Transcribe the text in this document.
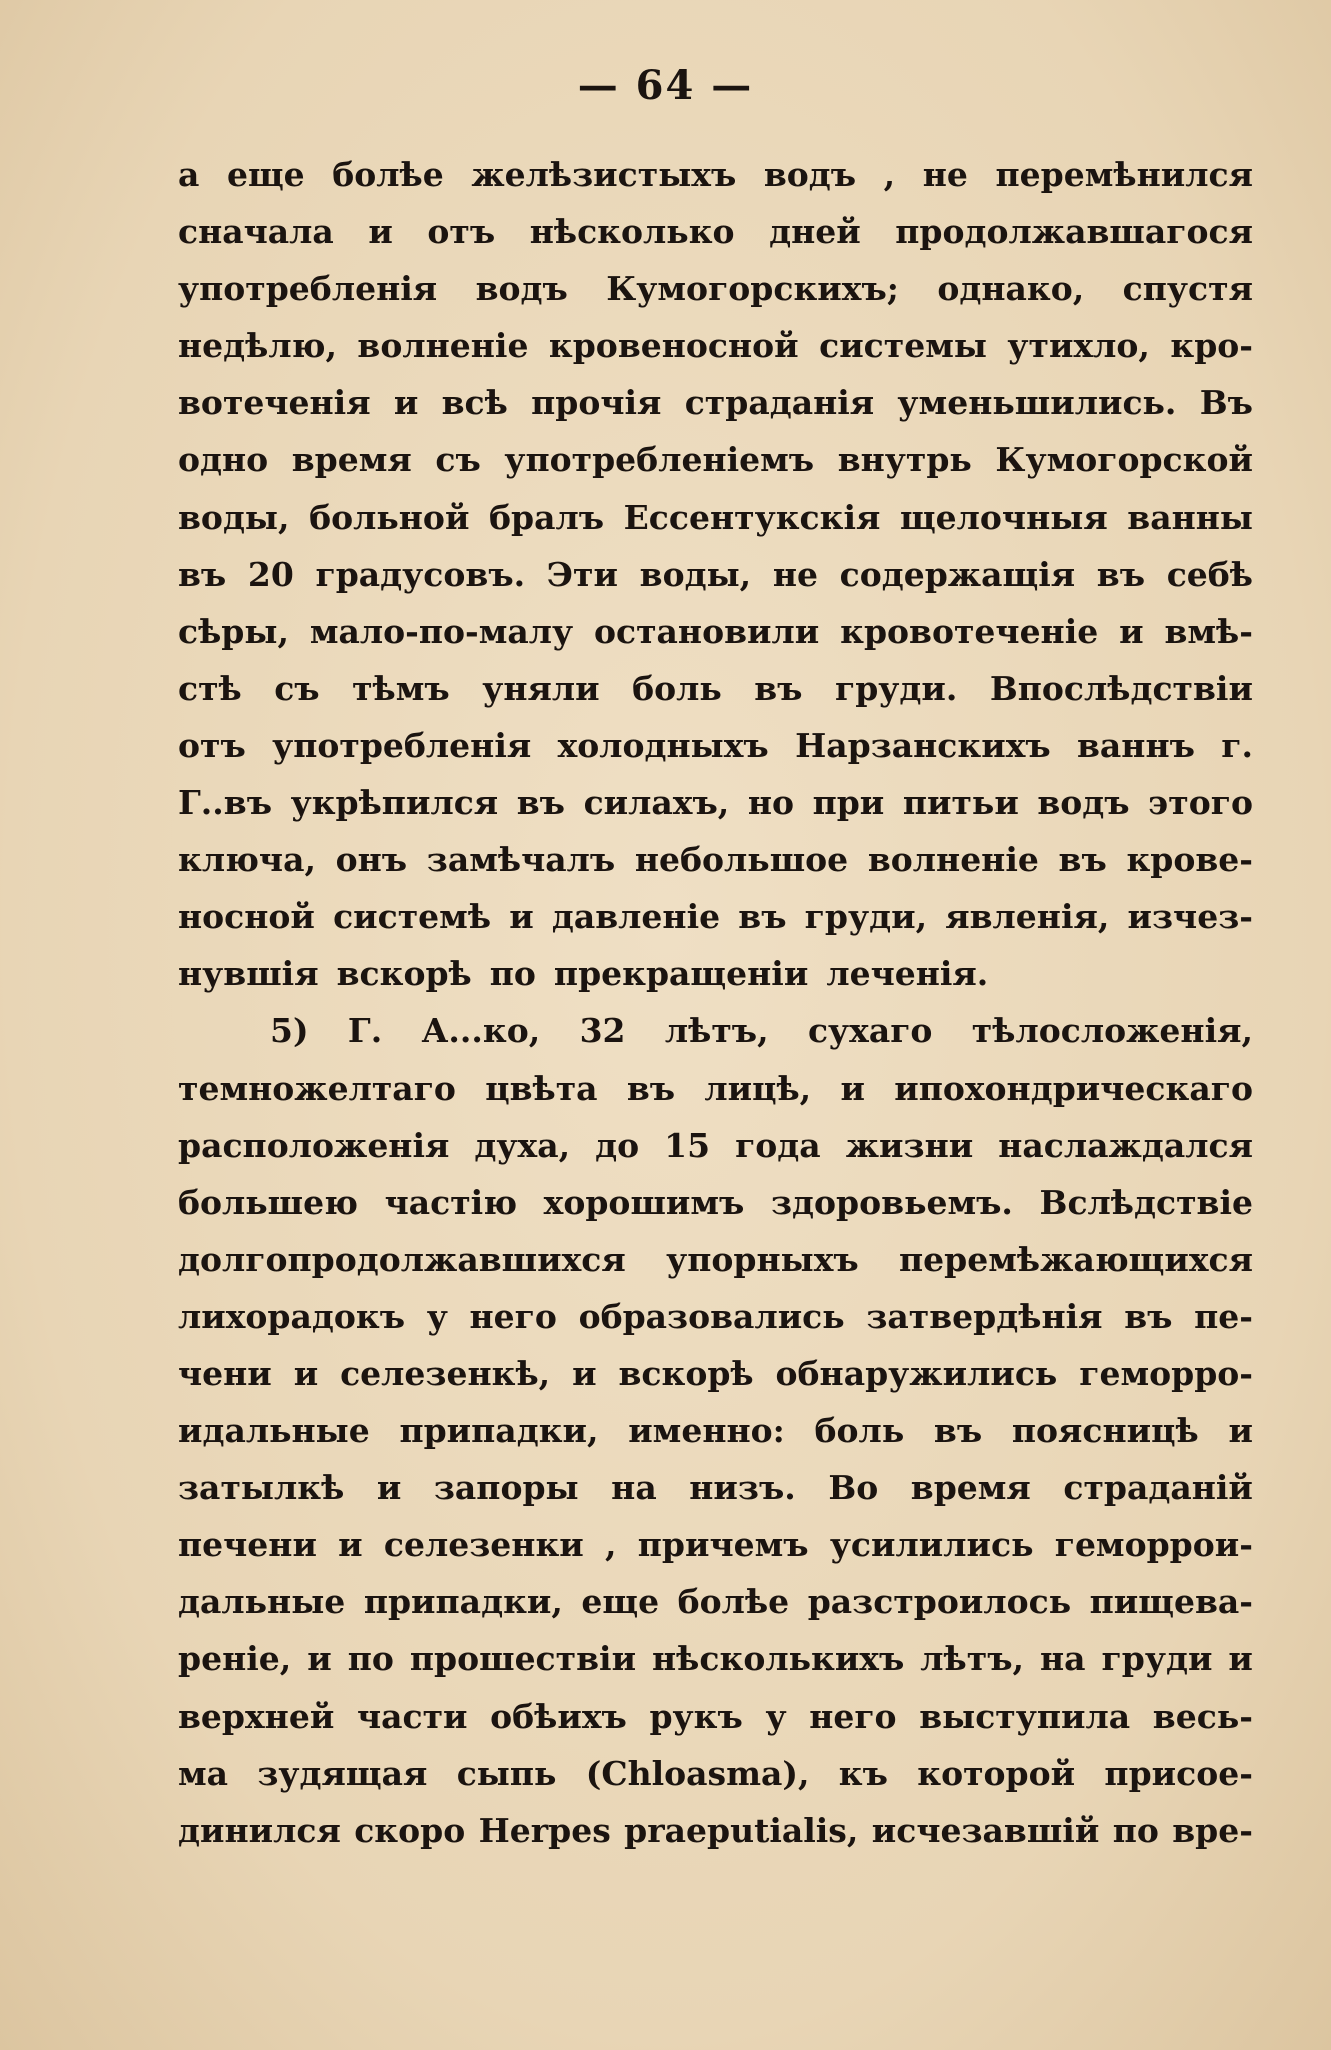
— 64 —
а еще болѣе желѣзистыхъ водъ , не перемѣнился
сначала и отъ нѣсколько дней продолжавшагося
употребленія водъ Кумогорскихъ; однако, спустя
недѣлю, волненіе кровеносной системы утихло, кро-
вотеченія и всѣ прочія страданія уменьшились. Въ
одно время съ употребленіемъ внутрь Кумогорской
воды, больной бралъ Ессентукскія щелочныя ванны
въ 20 градусовъ. Эти воды, не содержащія въ себѣ
сѣры, мало-по-малу остановили кровотеченіе и вмѣ-
стѣ съ тѣмъ уняли боль въ груди. Впослѣдствіи
отъ употребленія холодныхъ Нарзанскихъ ваннъ г.
Г..въ укрѣпился въ силахъ, но при питьи водъ этого
ключа, онъ замѣчалъ небольшое волненіе въ крове-
носной системѣ и давленіе въ груди, явленія, изчез-
нувшія вскорѣ по прекращеніи леченія.
5) Г. А...ко, 32 лѣтъ, сухаго тѣлосложенія,
темножелтаго цвѣта въ лицѣ, и ипохондрическаго
расположенія духа, до 15 года жизни наслаждался
большею частію хорошимъ здоровьемъ. Вслѣдствіе
долгопродолжавшихся упорныхъ перемѣжающихся
лихорадокъ у него образовались затвердѣнія въ пе-
чени и селезенкѣ, и вскорѣ обнаружились геморро-
идальные припадки, именно: боль въ поясницѣ и
затылкѣ и запоры на низъ. Во время страданій
печени и селезенки , причемъ усилились геморрои-
дальные припадки, еще болѣе разстроилось пищева-
реніе, и по прошествіи нѣсколькихъ лѣтъ, на груди и
верхней части обѣихъ рукъ у него выступила весь-
ма зудящая сыпь (Chloasma), къ которой присое-
динился скоро Herpes praeputialis, исчезавшій по вре-
